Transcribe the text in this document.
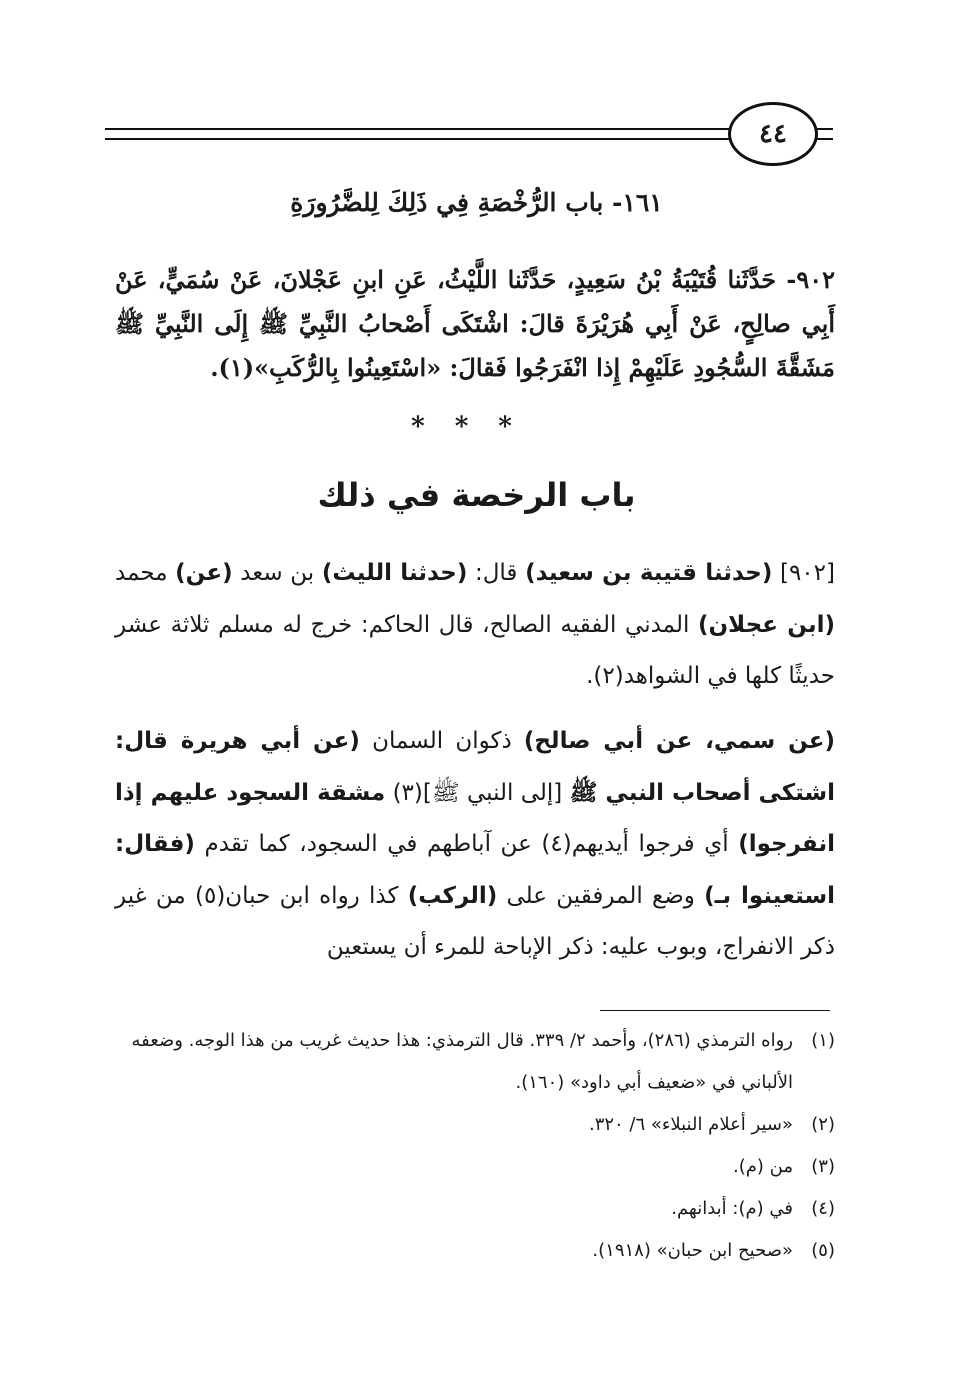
٤٤
١٦١- باب الرُّخْصَةِ فِي ذَلِكَ لِلضَّرُورَةِ
٩٠٢- حَدَّثَنا قُتَيْبَةُ بْنُ سَعِيدٍ، حَدَّثَنا اللَّيْثُ، عَنِ ابنِ عَجْلانَ، عَنْ سُمَيٍّ، عَنْ أَبِي صالِحٍ، عَنْ أَبِي هُرَيْرَةَ قالَ: اشْتَكَى أَصْحابُ النَّبِيِّ ﷺ إِلَى النَّبِيِّ ﷺ مَشَقَّةَ السُّجُودِ عَلَيْهِمْ إِذا انْفَرَجُوا فَقالَ: «اسْتَعِينُوا بِالرُّكَبِ»(١).
***
باب الرخصة في ذلك
[٩٠٢] (حدثنا قتيبة بن سعيد) قال: (حدثنا الليث) بن سعد (عن) محمد (ابن عجلان) المدني الفقيه الصالح، قال الحاكم: خرج له مسلم ثلاثة عشر حديثًا كلها في الشواهد(٢).
(عن سمي، عن أبي صالح) ذكوان السمان (عن أبي هريرة قال: اشتكى أصحاب النبي ﷺ [إلى النبي ﷺ](٣) مشقة السجود عليهم إذا انفرجوا) أي فرجوا أيديهم(٤) عن آباطهم في السجود، كما تقدم (فقال: استعينوا بـ) وضع المرفقين على (الركب) كذا رواه ابن حبان(٥) من غير ذكر الانفراج، وبوب عليه: ذكر الإباحة للمرء أن يستعين
(١)
رواه الترمذي (٢٨٦)، وأحمد ٢/ ٣٣٩. قال الترمذي: هذا حديث غريب من هذا الوجه. وضعفه الألباني في «ضعيف أبي داود» (١٦٠).
(٢)
«سير أعلام النبلاء» ٦/ ٣٢٠.
(٣)
من (م).
(٤)
في (م): أبدانهم.
(٥)
«صحيح ابن حبان» (١٩١٨).
